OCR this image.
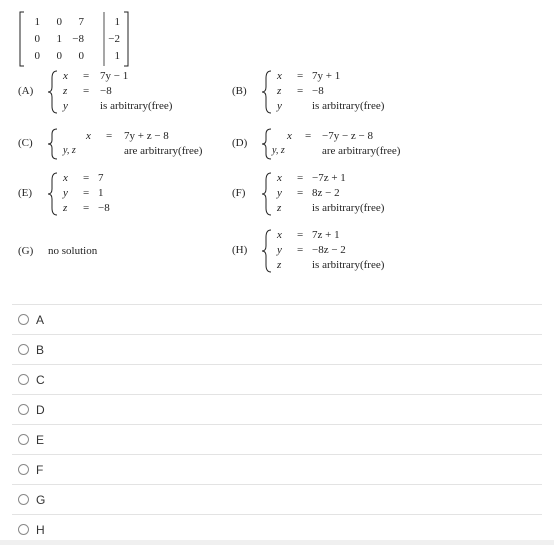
1 0 7	1
0 1 −8 −2
0 0 0	1
(A)
x = 7y − 1
z = −8
y	is arbitrary(free)
(B)
x = 7y + 1
z = −8
y	is arbitrary(free)
(C)
x = 7y + z − 8
y, z	are arbitrary(free)
(D)
x = −7y − z − 8
y, z	are arbitrary(free)
(E)
x = 7
y = 1
z = −8
(F)
x = −7z + 1
y = 8z − 2
z	is arbitrary(free)
(G) no solution	(H)
x = 7z + 1
y = −8z − 2
z	is arbitrary(free)
A
B
C
D
E
F
G
H
